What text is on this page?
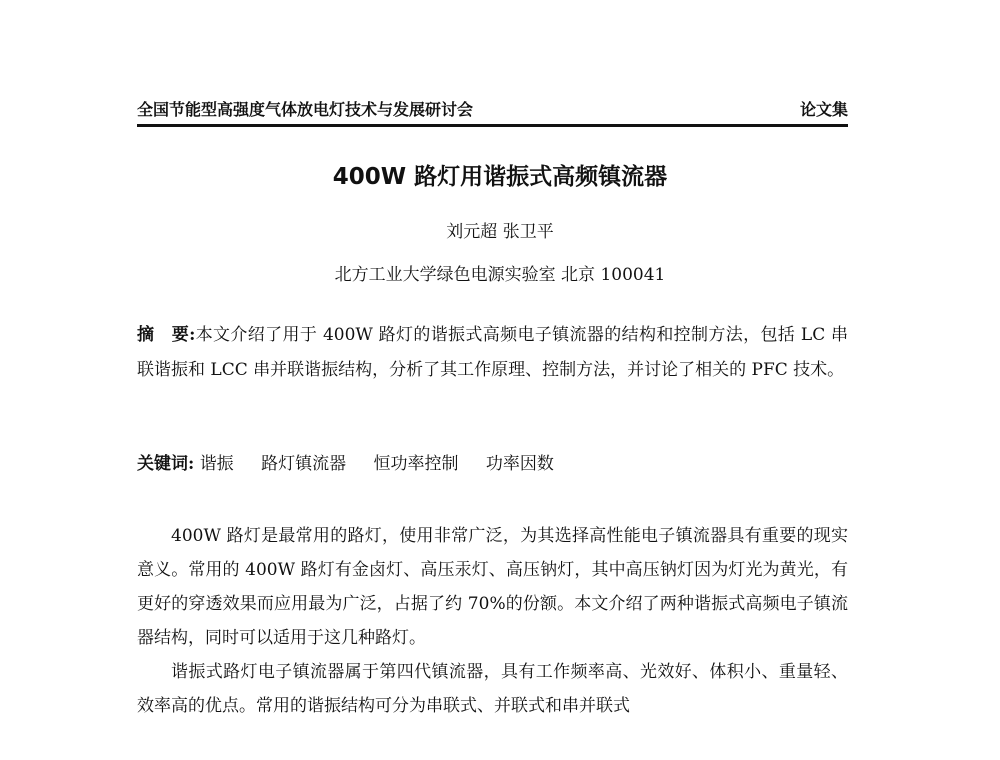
全国节能型高强度气体放电灯技术与发展研讨会	论文集
400W 路灯用谐振式高频镇流器
刘元超 张卫平
北方工业大学绿色电源实验室 北京 100041
摘　要:本文介绍了用于 400W 路灯的谐振式高频电子镇流器的结构和控制方法，包括 LC 串联谐振和 LCC 串并联谐振结构，分析了其工作原理、控制方法，并讨论了相关的 PFC 技术。
关键词: 谐振 路灯镇流器 恒功率控制 功率因数

400W 路灯是最常用的路灯，使用非常广泛，为其选择高性能电子镇流器具有重要的现实意义。常用的 400W 路灯有金卤灯、高压汞灯、高压钠灯，其中高压钠灯因为灯光为黄光，有更好的穿透效果而应用最为广泛，占据了约 70%的份额。本文介绍了两种谐振式高频电子镇流器结构，同时可以适用于这几种路灯。

谐振式路灯电子镇流器属于第四代镇流器，具有工作频率高、光效好、体积小、重量轻、效率高的优点。常用的谐振结构可分为串联式、并联式和串并联式
